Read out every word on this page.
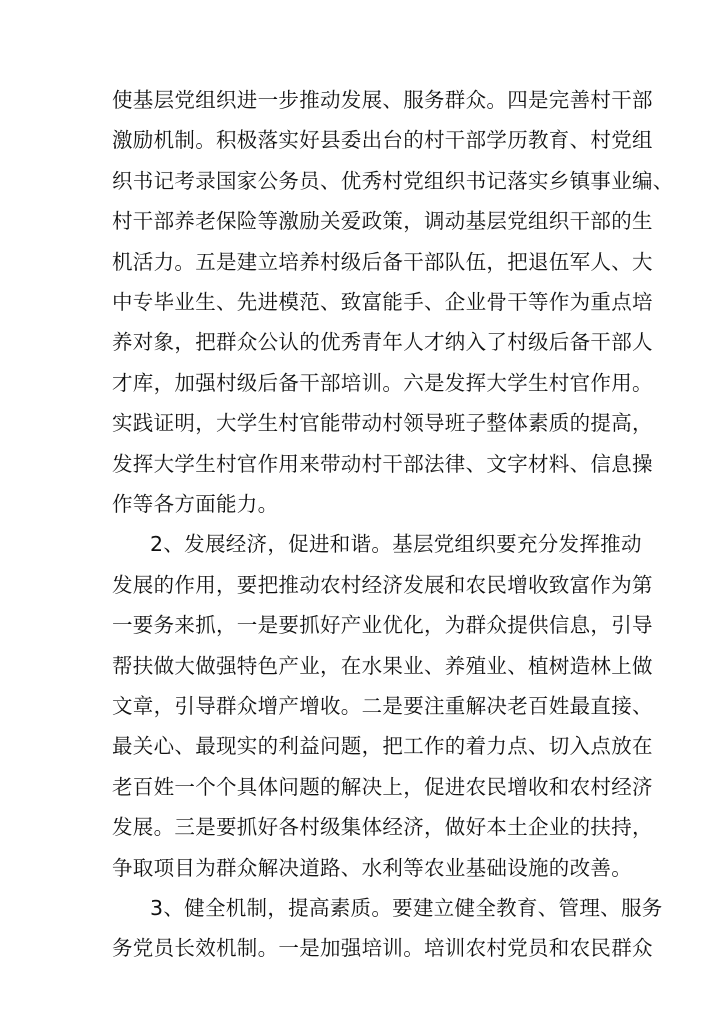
使基层党组织进一步推动发展、服务群众。四是完善村干部
激励机制。积极落实好县委出台的村干部学历教育、村党组
织书记考录国家公务员、优秀村党组织书记落实乡镇事业编、
村干部养老保险等激励关爱政策，调动基层党组织干部的生
机活力。五是建立培养村级后备干部队伍，把退伍军人、大
中专毕业生、先进模范、致富能手、企业骨干等作为重点培
养对象，把群众公认的优秀青年人才纳入了村级后备干部人
才库，加强村级后备干部培训。六是发挥大学生村官作用。
实践证明，大学生村官能带动村领导班子整体素质的提高，
发挥大学生村官作用来带动村干部法律、文字材料、信息操
作等各方面能力。
2、发展经济，促进和谐。基层党组织要充分发挥推动
发展的作用，要把推动农村经济发展和农民增收致富作为第
一要务来抓，一是要抓好产业优化，为群众提供信息，引导
帮扶做大做强特色产业，在水果业、养殖业、植树造林上做
文章，引导群众增产增收。二是要注重解决老百姓最直接、
最关心、最现实的利益问题，把工作的着力点、切入点放在
老百姓一个个具体问题的解决上，促进农民增收和农村经济
发展。三是要抓好各村级集体经济，做好本土企业的扶持，
争取项目为群众解决道路、水利等农业基础设施的改善。
3、健全机制，提高素质。要建立健全教育、管理、服务
务党员长效机制。一是加强培训。培训农村党员和农民群众
